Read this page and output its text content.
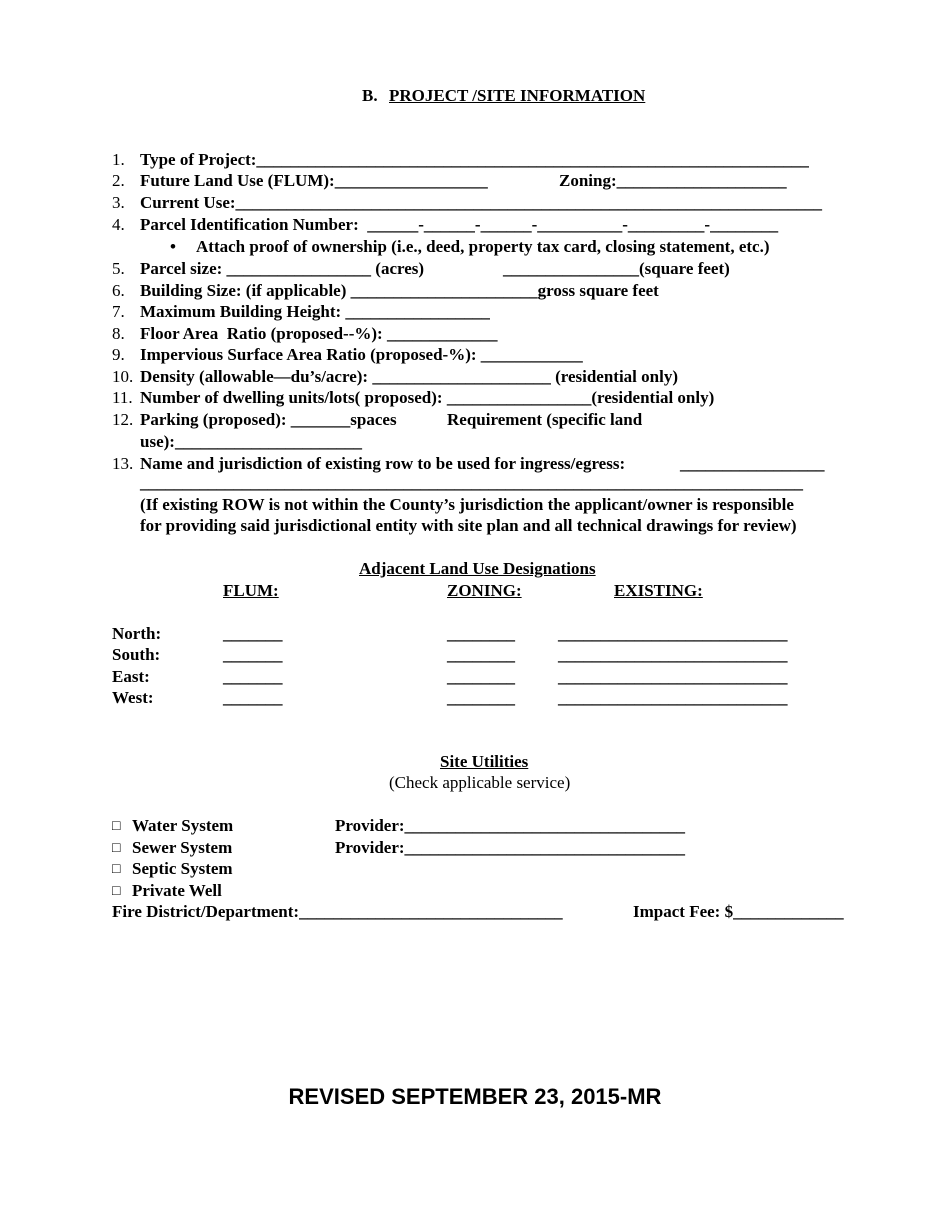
B. PROJECT /SITE INFORMATION
1. Type of Project:_________________________________________________________________
2. Future Land Use (FLUM):__________________	Zoning:____________________
3. Current Use:_____________________________________________________________________
4. Parcel Identification Number:  ______-______-______-__________-_________-________
• Attach proof of ownership (i.e., deed, property tax card, closing statement, etc.)
5. Parcel size: _________________ (acres)	________________(square feet)
6. Building Size: (if applicable) ______________________gross square feet
7. Maximum Building Height: _________________
8. Floor Area  Ratio (proposed--%): _____________
9. Impervious Surface Area Ratio (proposed-%): ____________
10. Density (allowable—du’s/acre): _____________________ (residential only)
11. Number of dwelling units/lots( proposed): _________________(residential only)
12. Parking (proposed): _______spaces	Requirement (specific land
use):______________________
13. Name and jurisdiction of existing row to be used for ingress/egress:	_________________
______________________________________________________________________________
(If existing ROW is not within the County’s jurisdiction the applicant/owner is responsible
for providing said jurisdictional entity with site plan and all technical drawings for review)
Adjacent Land Use Designations
FLUM:	ZONING:	EXISTING:
North:	_______	________	___________________________
South:	_______	________	___________________________
East:	_______	________	___________________________
West:	_______	________	___________________________
Site Utilities
(Check applicable service)
□ Water System	Provider:_________________________________
□ Sewer System	Provider:_________________________________
□ Septic System
□ Private Well
Fire District/Department:_______________________________	Impact Fee: $_____________
REVISED SEPTEMBER 23, 2015-MR
